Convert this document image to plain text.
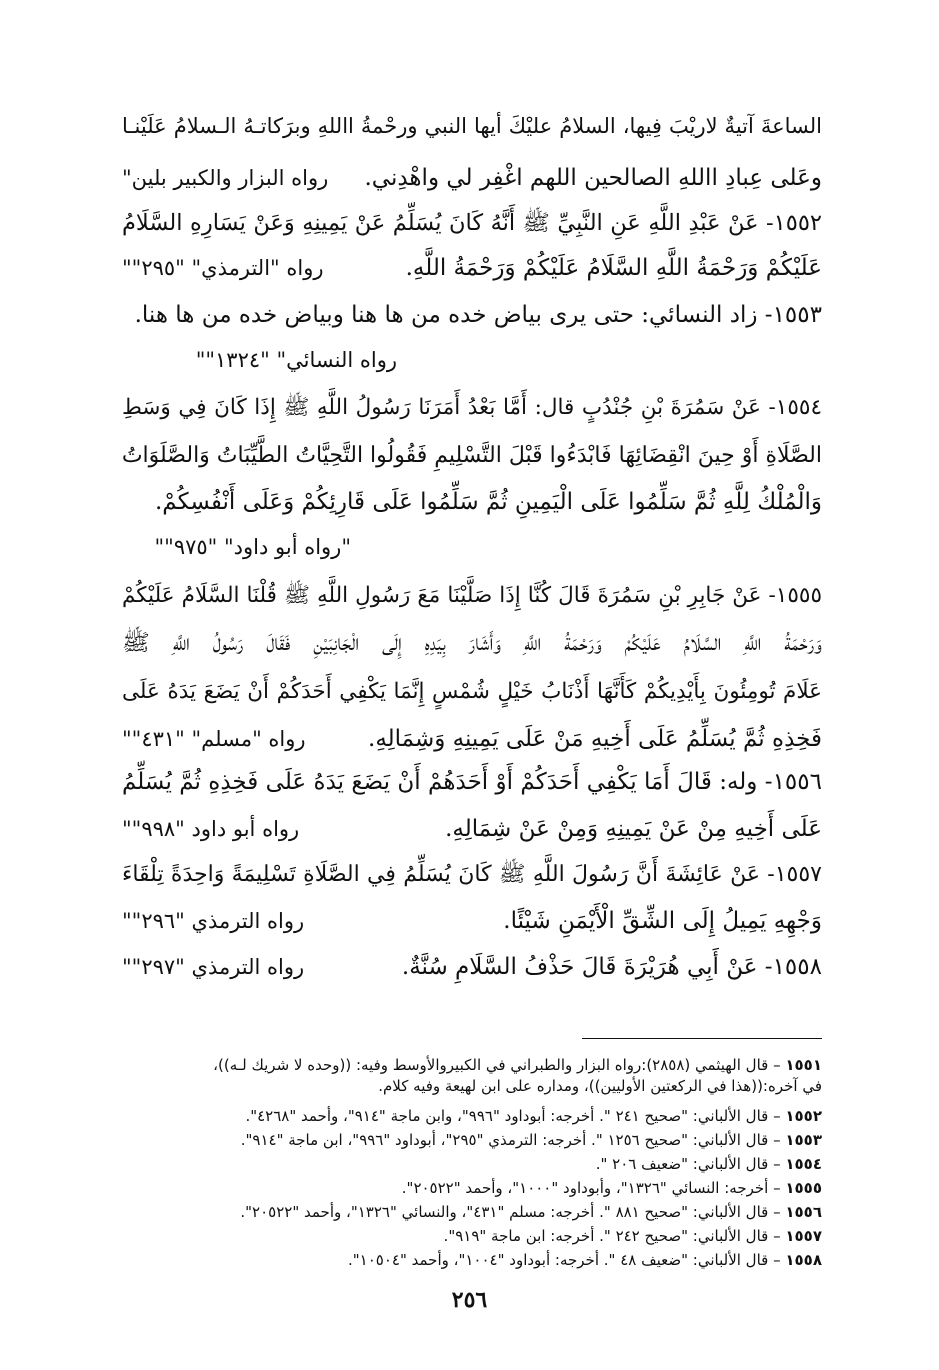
الساعةَ آتيةٌ لاريْبَ فِيها، السلامُ عليْكَ أيها النبي ورحْمةُ االلهِ وبرَكاتـهُ الـسلامُ عَلَيْنـا
وعَلى عِبادِ االلهِ الصالحين اللهم اغْفِر لي واهْدِني.
رواه البزار والكبير بلين"
١٥٥٢- عَنْ عَبْدِ اللَّهِ عَنِ النَّبِيِّ ﷺ أَنَّهُ كَانَ يُسَلِّمُ عَنْ يَمِينِهِ وَعَنْ يَسَارِهِ السَّلَامُ
عَلَيْكُمْ وَرَحْمَةُ اللَّهِ السَّلَامُ عَلَيْكُمْ وَرَحْمَةُ اللَّهِ.
رواه "الترمذي" "٢٩٥""
١٥٥٣- زاد النسائي: حتى يرى بياض خده من ها هنا وبياض خده من ها هنا.
رواه النسائي" "١٣٢٤""
١٥٥٤- عَنْ سَمُرَةَ بْنِ جُنْدُبٍ قال: أَمَّا بَعْدُ أَمَرَنَا رَسُولُ اللَّهِ ﷺ إِذَا كَانَ فِي وَسَطِ
الصَّلَاةِ أَوْ حِينَ انْقِضَائِهَا فَابْدَءُوا قَبْلَ التَّسْلِيمِ فَقُولُوا التَّحِيَّاتُ الطَّيِّبَاتُ وَالصَّلَوَاتُ
وَالْمُلْكُ لِلَّهِ ثُمَّ سَلِّمُوا عَلَى الْيَمِينِ ثُمَّ سَلِّمُوا عَلَى قَارِئِكُمْ وَعَلَى أَنْفُسِكُمْ.
"رواه أبو داود" "٩٧٥""
١٥٥٥- عَنْ جَابِرِ بْنِ سَمُرَةَ قَالَ كُنَّا إِذَا صَلَّيْنَا مَعَ رَسُولِ اللَّهِ ﷺ قُلْنَا السَّلَامُ عَلَيْكُمْ
وَرَحْمَةُ اللَّهِ السَّلَامُ عَلَيْكُمْ وَرَحْمَةُ اللَّهِ وَأَشَارَ بِيَدِهِ إِلَى الْجَانِبَيْنِ فَقَالَ رَسُولُ اللَّهِ ﷺ
عَلَامَ تُومِئُونَ بِأَيْدِيكُمْ كَأَنَّهَا أَذْنَابُ خَيْلٍ شُمْسٍ إِنَّمَا يَكْفِي أَحَدَكُمْ أَنْ يَضَعَ يَدَهُ عَلَى
فَخِذِهِ ثُمَّ يُسَلِّمُ عَلَى أَخِيهِ مَنْ عَلَى يَمِينِهِ وَشِمَالِهِ.
رواه "مسلم" "٤٣١""
١٥٥٦- وله: قَالَ أَمَا يَكْفِي أَحَدَكُمْ أَوْ أَحَدَهُمْ أَنْ يَضَعَ يَدَهُ عَلَى فَخِذِهِ ثُمَّ يُسَلِّمُ
عَلَى أَخِيهِ مِنْ عَنْ يَمِينِهِ وَمِنْ عَنْ شِمَالِهِ.
رواه أبو داود "٩٩٨""
١٥٥٧- عَنْ عَائِشَةَ أَنَّ رَسُولَ اللَّهِ ﷺ كَانَ يُسَلِّمُ فِي الصَّلَاةِ تَسْلِيمَةً وَاحِدَةً تِلْقَاءَ
وَجْهِهِ يَمِيلُ إِلَى الشِّقِّ الْأَيْمَنِ شَيْئًا.
رواه الترمذي "٢٩٦""
١٥٥٨- عَنْ أَبِي هُرَيْرَةَ قَالَ حَذْفُ السَّلَامِ سُنَّةٌ.
رواه الترمذي "٢٩٧""
١٥٥١ – قال الهيثمي (٢٨٥٨):رواه البزار والطبراني في الكبيروالأوسط وفيه: ((وحده لا شريك لـه))،
في آخره:((هذا في الركعتين الأوليين))، ومداره على ابن لهيعة وفيه كلام.
١٥٥٢ – قال الألباني: "صحيح ٢٤١ ". أخرجه: أبوداود "٩٩٦"، وابن ماجة "٩١٤"، وأحمد "٤٢٦٨".
١٥٥٣ – قال الألباني: "صحيح ١٢٥٦ ". أخرجه: الترمذي "٢٩٥"، أبوداود "٩٩٦"، ابن ماجة "٩١٤".
١٥٥٤ – قال الألباني: "ضعيف ٢٠٦ ".
١٥٥٥ – أخرجه: النسائي "١٣٢٦"، وأبوداود "١٠٠٠"، وأحمد "٢٠٥٢٢".
١٥٥٦ – قال الألباني: "صحيح ٨٨١ ". أخرجه: مسلم "٤٣١"، والنسائي "١٣٢٦"، وأحمد "٢٠٥٢٢".
١٥٥٧ – قال الألباني: "صحيح ٢٤٢ ". أخرجه: ابن ماجة "٩١٩".
١٥٥٨ – قال الألباني: "ضعيف ٤٨ ". أخرجه: أبوداود "١٠٠٤"، وأحمد "١٠٥٠٤".
٢٥٦
